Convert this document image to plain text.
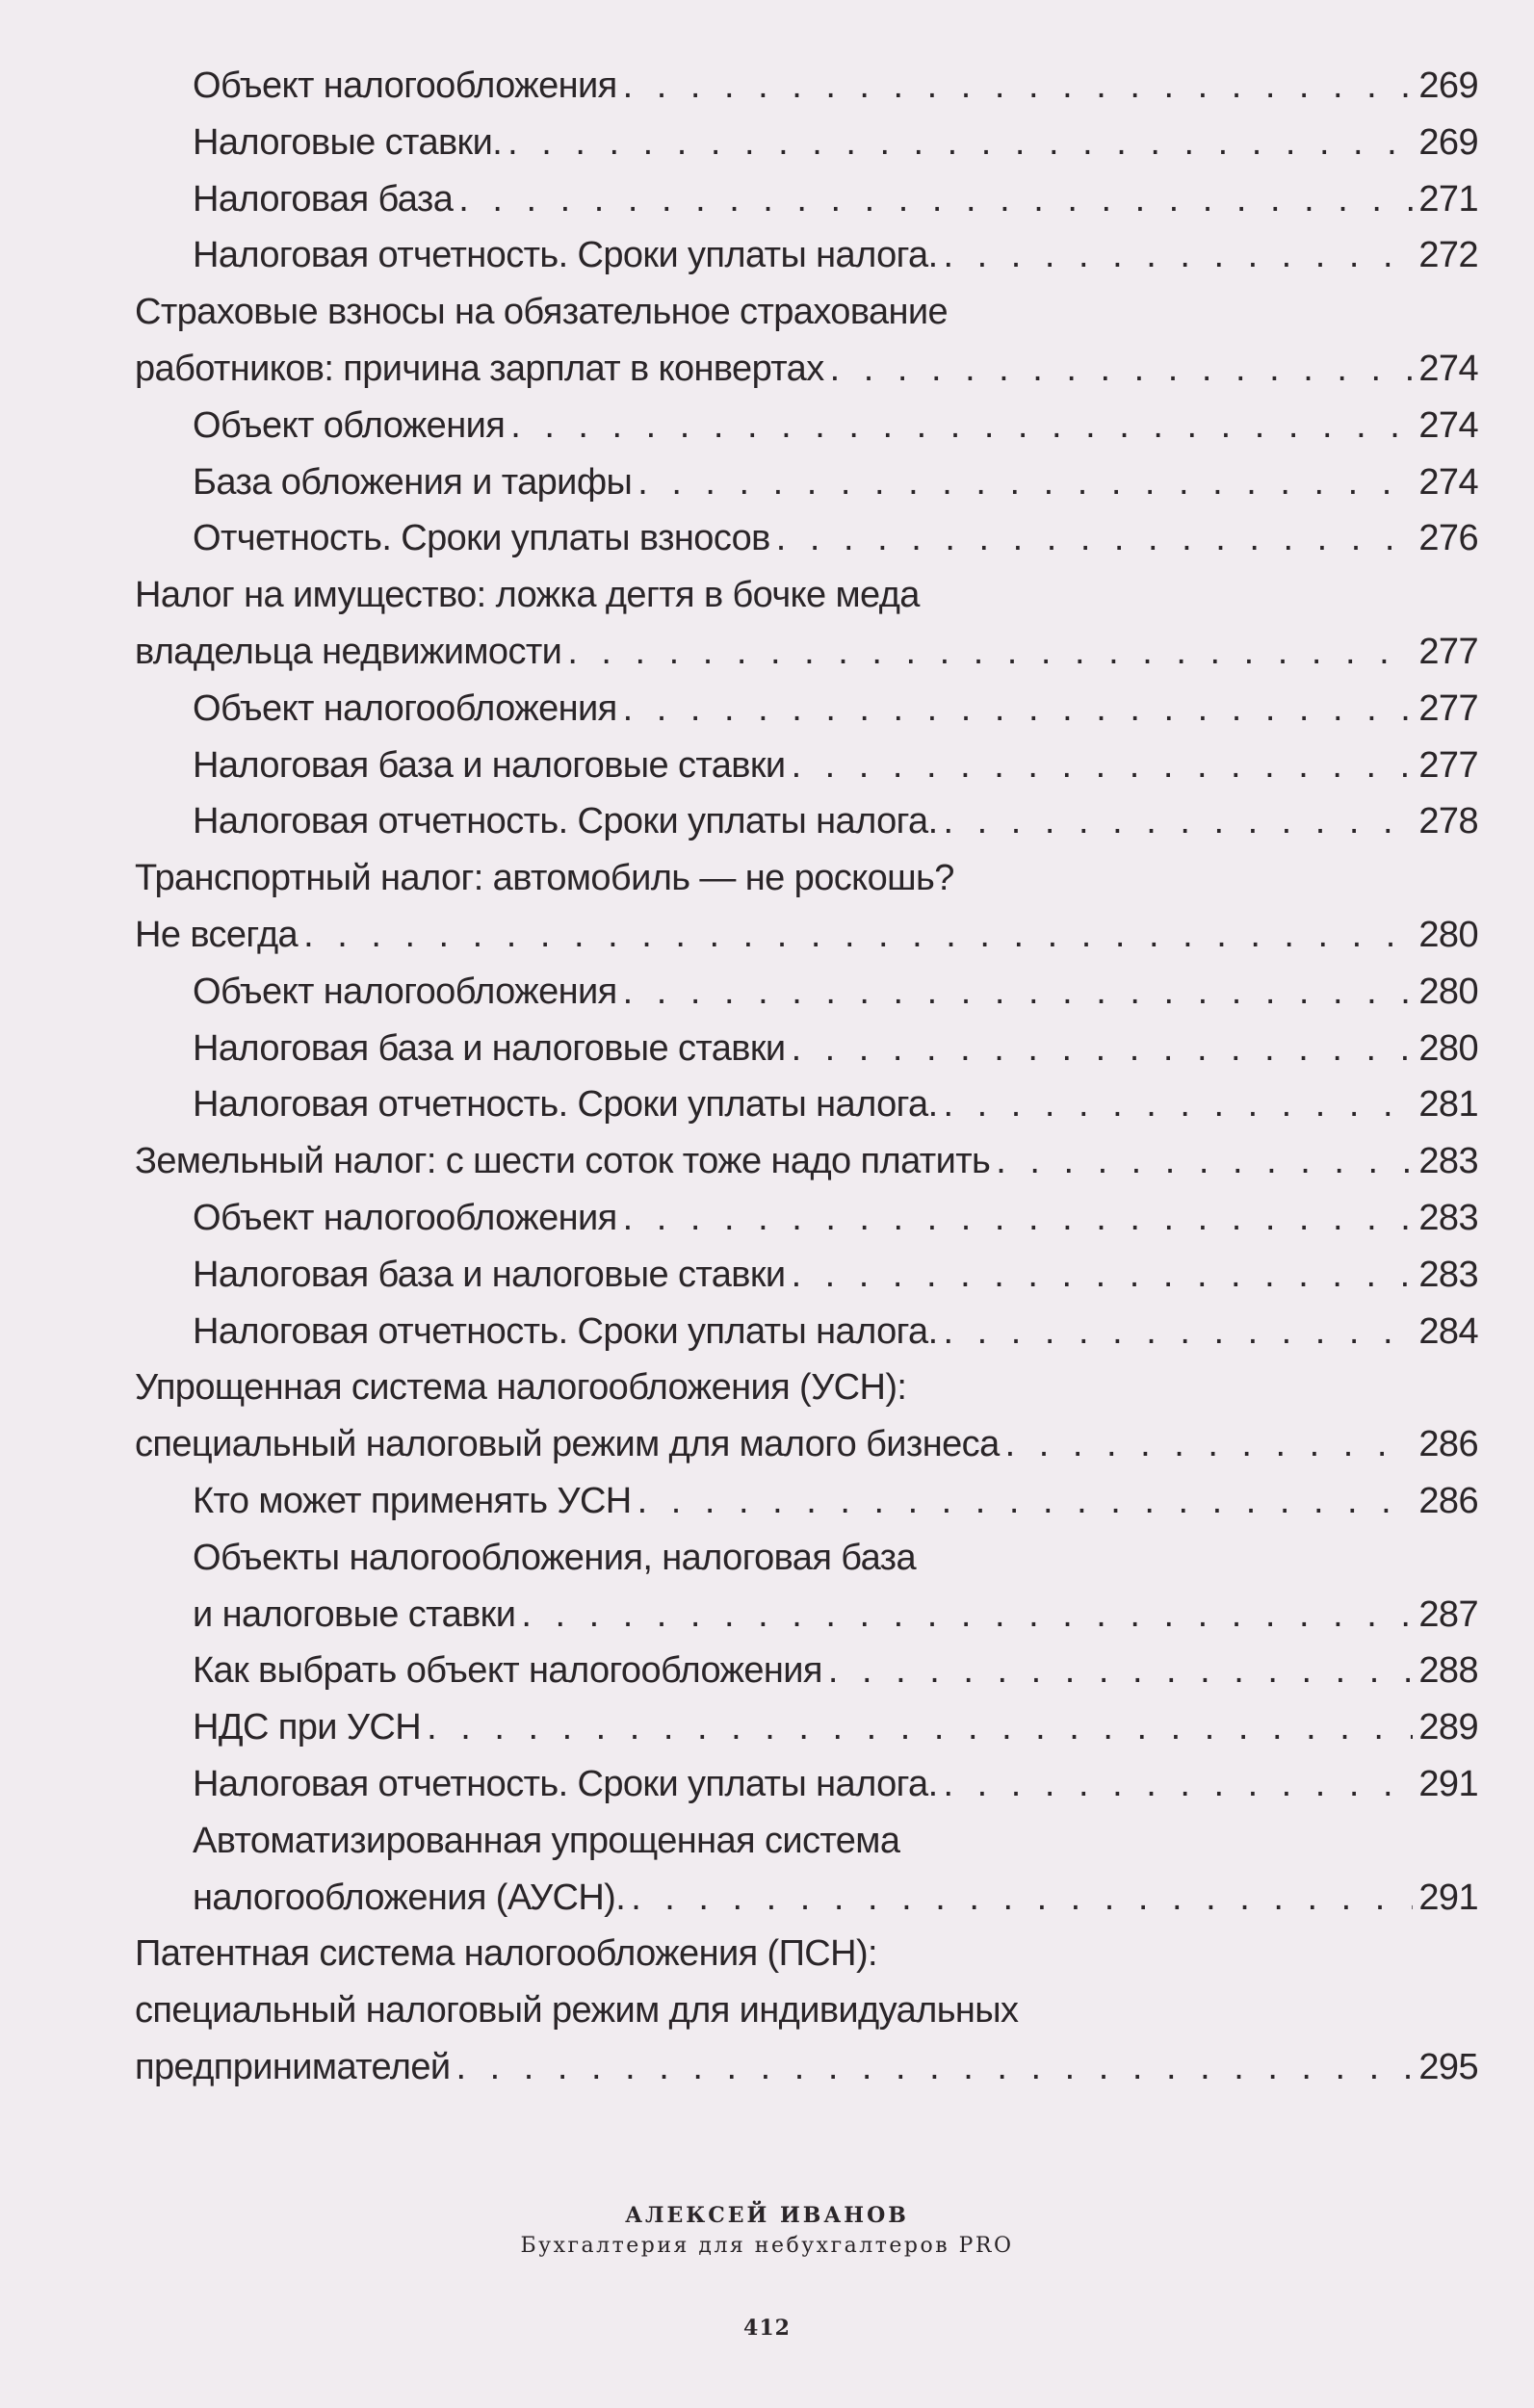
Объект налогообложения . . .	269
Налоговые ставки. . . .	269
Налоговая база . . .	271
Налоговая отчетность. Сроки уплаты налога. . . .	272
Страховые взносы на обязательное страхование
работников: причина зарплат в конвертах . . .	274
Объект обложения . . .	274
База обложения и тарифы . . .	274
Отчетность. Сроки уплаты взносов . . .	276
Налог на имущество: ложка дегтя в бочке меда
владельца недвижимости . . .	277
Объект налогообложения . . .	277
Налоговая база и налоговые ставки . . .	277
Налоговая отчетность. Сроки уплаты налога. . . .	278
Транспортный налог: автомобиль — не роскошь?
Не всегда . . .	280
Объект налогообложения . . .	280
Налоговая база и налоговые ставки . . .	280
Налоговая отчетность. Сроки уплаты налога. . . .	281
Земельный налог: с шести соток тоже надо платить . . .	283
Объект налогообложения . . .	283
Налоговая база и налоговые ставки . . .	283
Налоговая отчетность. Сроки уплаты налога. . . .	284
Упрощенная система налогообложения (УСН):
специальный налоговый режим для малого бизнеса . . .	286
Кто может применять УСН . . .	286
Объекты налогообложения, налоговая база
и налоговые ставки . . .	287
Как выбрать объект налогообложения . . .	288
НДС при УСН . . .	289
Налоговая отчетность. Сроки уплаты налога. . . .	291
Автоматизированная упрощенная система
налогообложения (АУСН). . . .	291
Патентная система налогообложения (ПСН):
специальный налоговый режим для индивидуальных
предпринимателей . . .	295
АЛЕКСЕЙ ИВАНОВ
Бухгалтерия для небухгалтеров PRO
412
